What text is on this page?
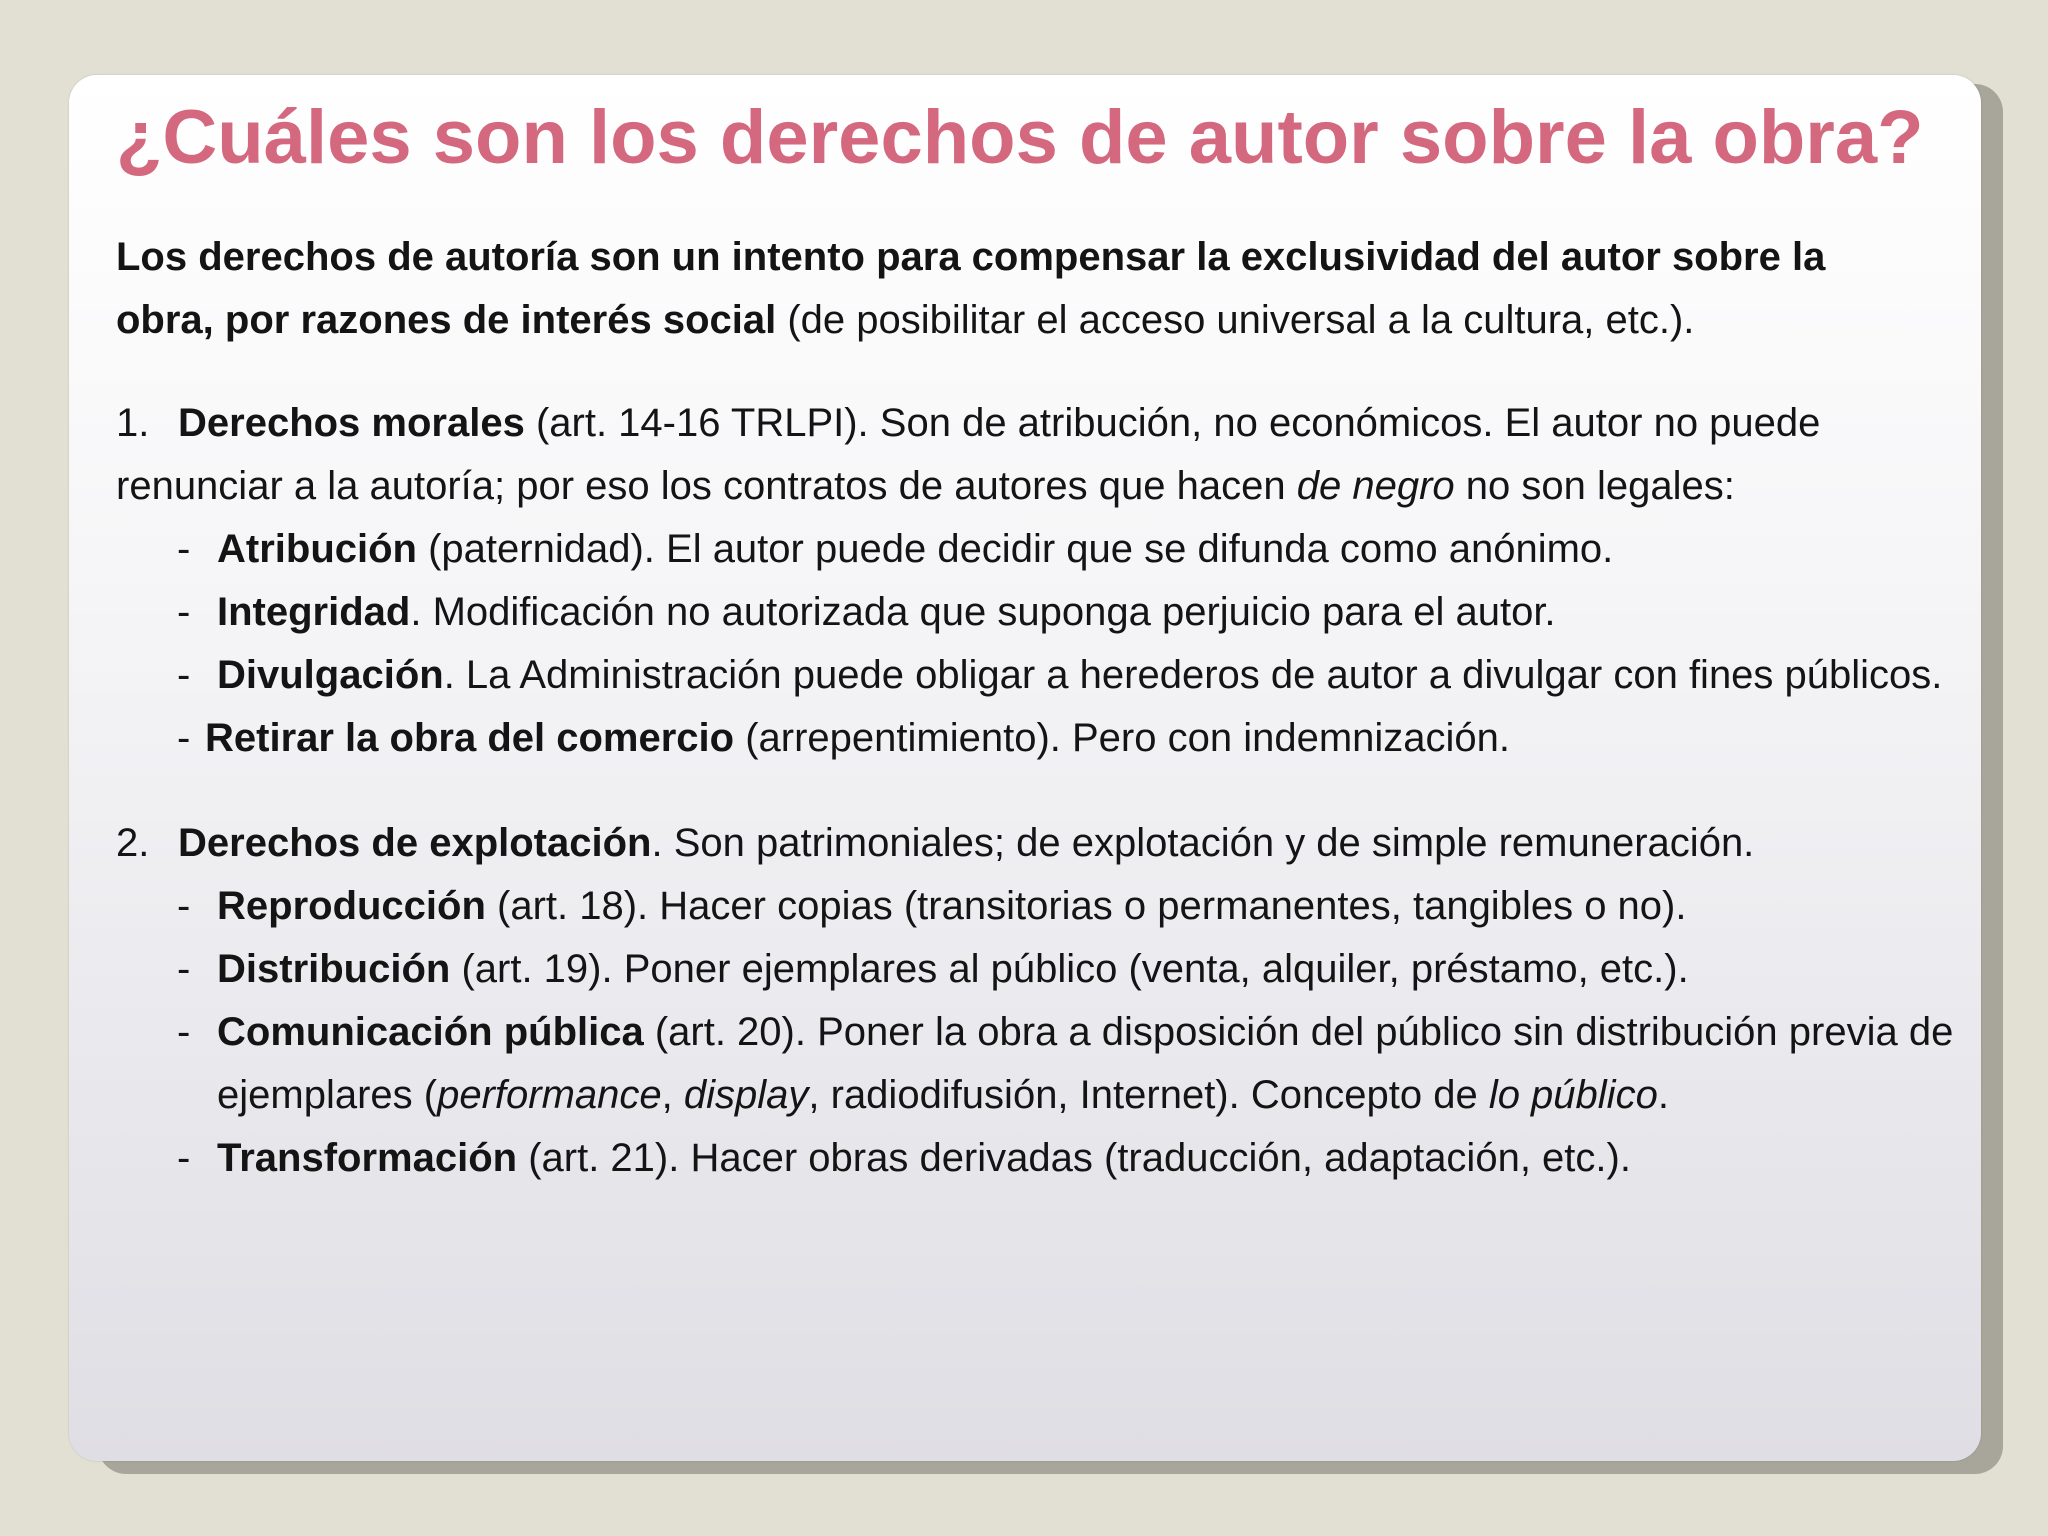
¿Cuáles son los derechos de autor sobre la obra?

Los derechos de autoría son un intento para compensar la exclusividad del autor sobre la obra, por razones de interés social (de posibilitar el acceso universal a la cultura, etc.).

1. Derechos morales (art. 14-16 TRLPI). Son de atribución, no económicos. El autor no puede renunciar a la autoría; por eso los contratos de autores que hacen de negro no son legales:

- Atribución (paternidad). El autor puede decidir que se difunda como anónimo.
- Integridad. Modificación no autorizada que suponga perjuicio para el autor.
- Divulgación. La Administración puede obligar a herederos de autor a divulgar con fines públicos.
- Retirar la obra del comercio (arrepentimiento). Pero con indemnización.

2. Derechos de explotación. Son patrimoniales; de explotación y de simple remuneración.

- Reproducción (art. 18). Hacer copias (transitorias o permanentes, tangibles o no).
- Distribución (art. 19). Poner ejemplares al público (venta, alquiler, préstamo, etc.).
- Comunicación pública (art. 20). Poner la obra a disposición del público sin distribución previa de ejemplares (performance, display, radiodifusión, Internet). Concepto de lo público.
- Transformación (art. 21). Hacer obras derivadas (traducción, adaptación, etc.).
